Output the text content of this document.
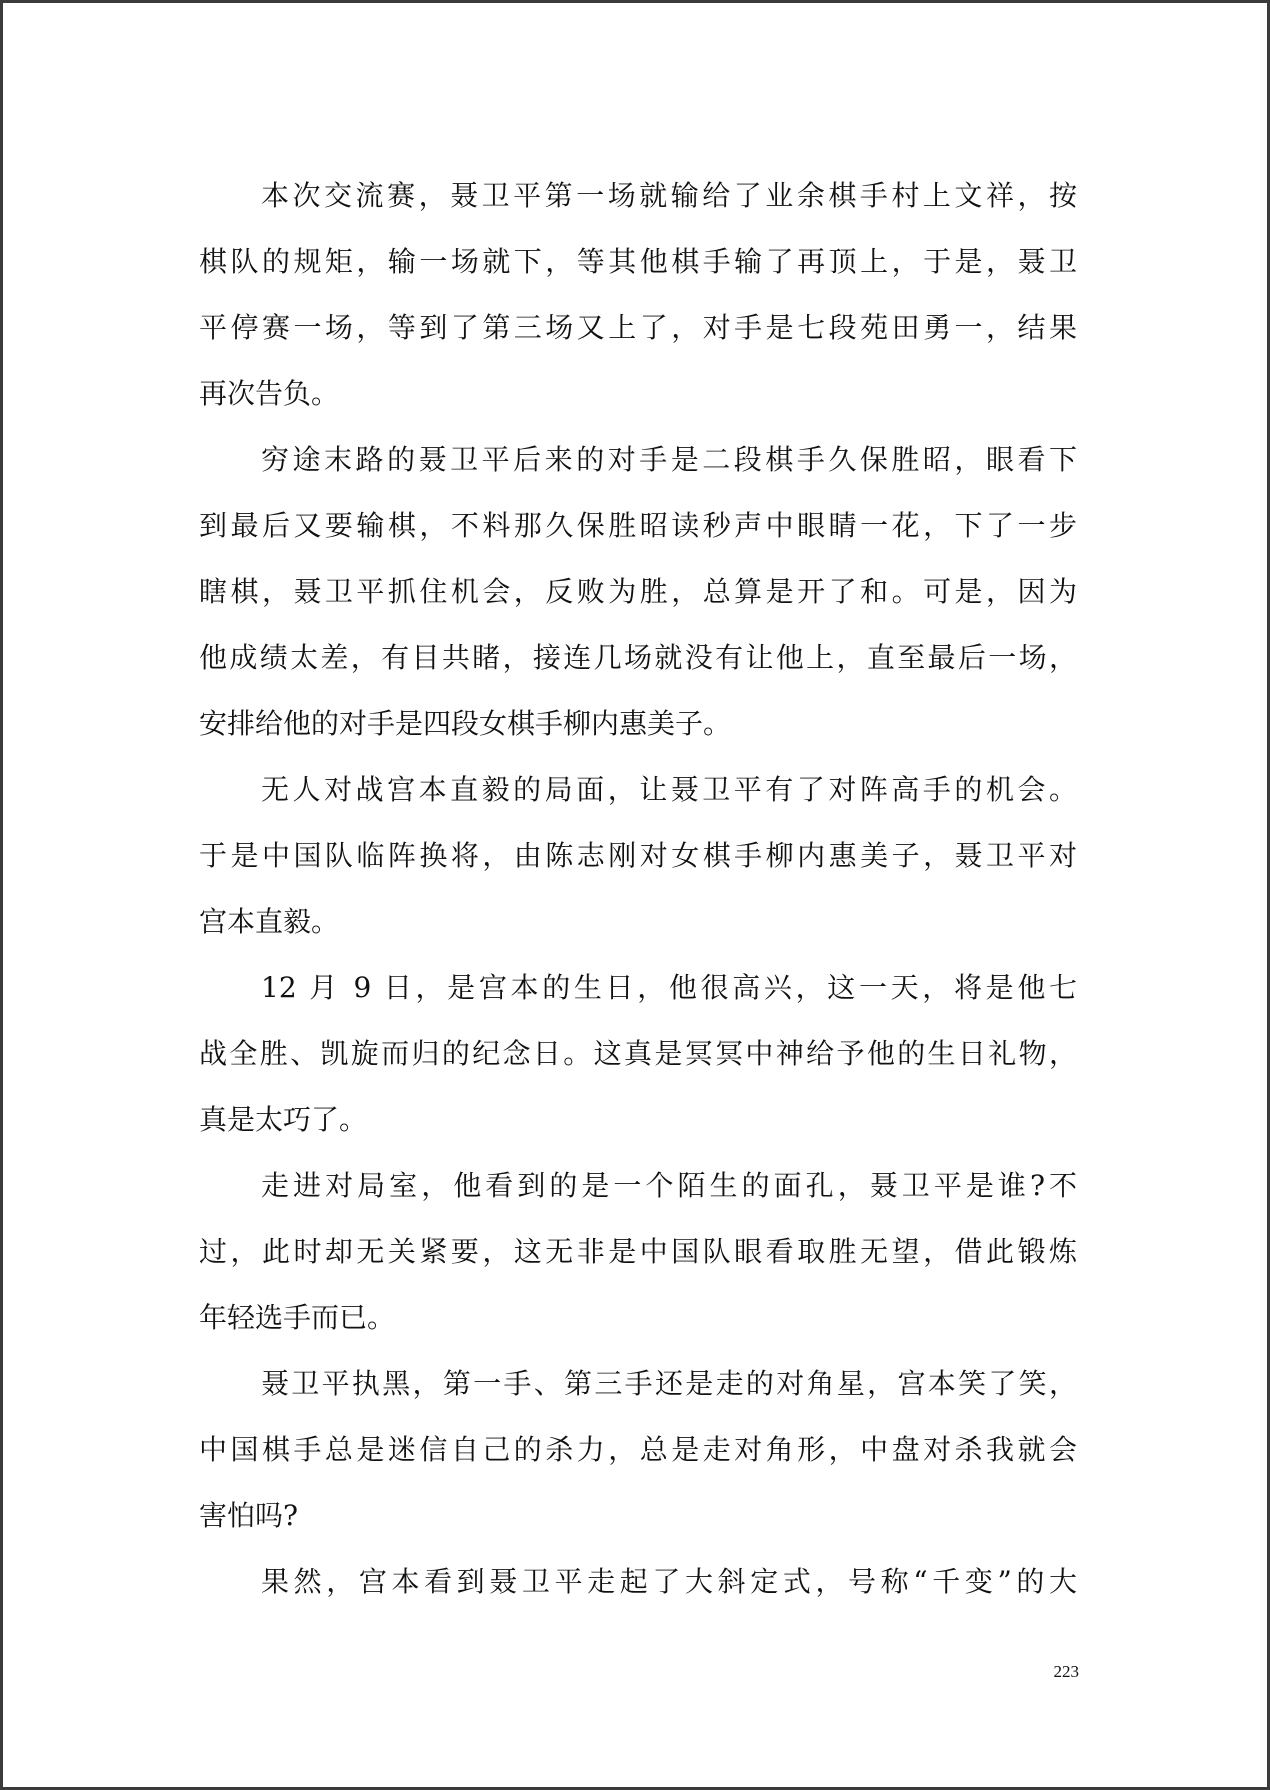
本次交流赛，聂卫平第一场就输给了业余棋手村上文祥，按
棋队的规矩，输一场就下，等其他棋手输了再顶上，于是，聂卫
平停赛一场，等到了第三场又上了，对手是七段苑田勇一，结果
再次告负。

穷途末路的聂卫平后来的对手是二段棋手久保胜昭，眼看下
到最后又要输棋，不料那久保胜昭读秒声中眼睛一花，下了一步
瞎棋，聂卫平抓住机会，反败为胜，总算是开了和。可是，因为
他成绩太差，有目共睹，接连几场就没有让他上，直至最后一场，
安排给他的对手是四段女棋手柳内惠美子。

无人对战宫本直毅的局面，让聂卫平有了对阵高手的机会。
于是中国队临阵换将，由陈志刚对女棋手柳内惠美子，聂卫平对
宫本直毅。

12 月 9 日，是宫本的生日，他很高兴，这一天，将是他七
战全胜、凯旋而归的纪念日。这真是冥冥中神给予他的生日礼物，
真是太巧了。

走进对局室，他看到的是一个陌生的面孔，聂卫平是谁?不
过，此时却无关紧要，这无非是中国队眼看取胜无望，借此锻炼
年轻选手而已。

聂卫平执黑，第一手、第三手还是走的对角星，宫本笑了笑，
中国棋手总是迷信自己的杀力，总是走对角形，中盘对杀我就会
害怕吗?

果然，宫本看到聂卫平走起了大斜定式，号称“千变”的大

223
